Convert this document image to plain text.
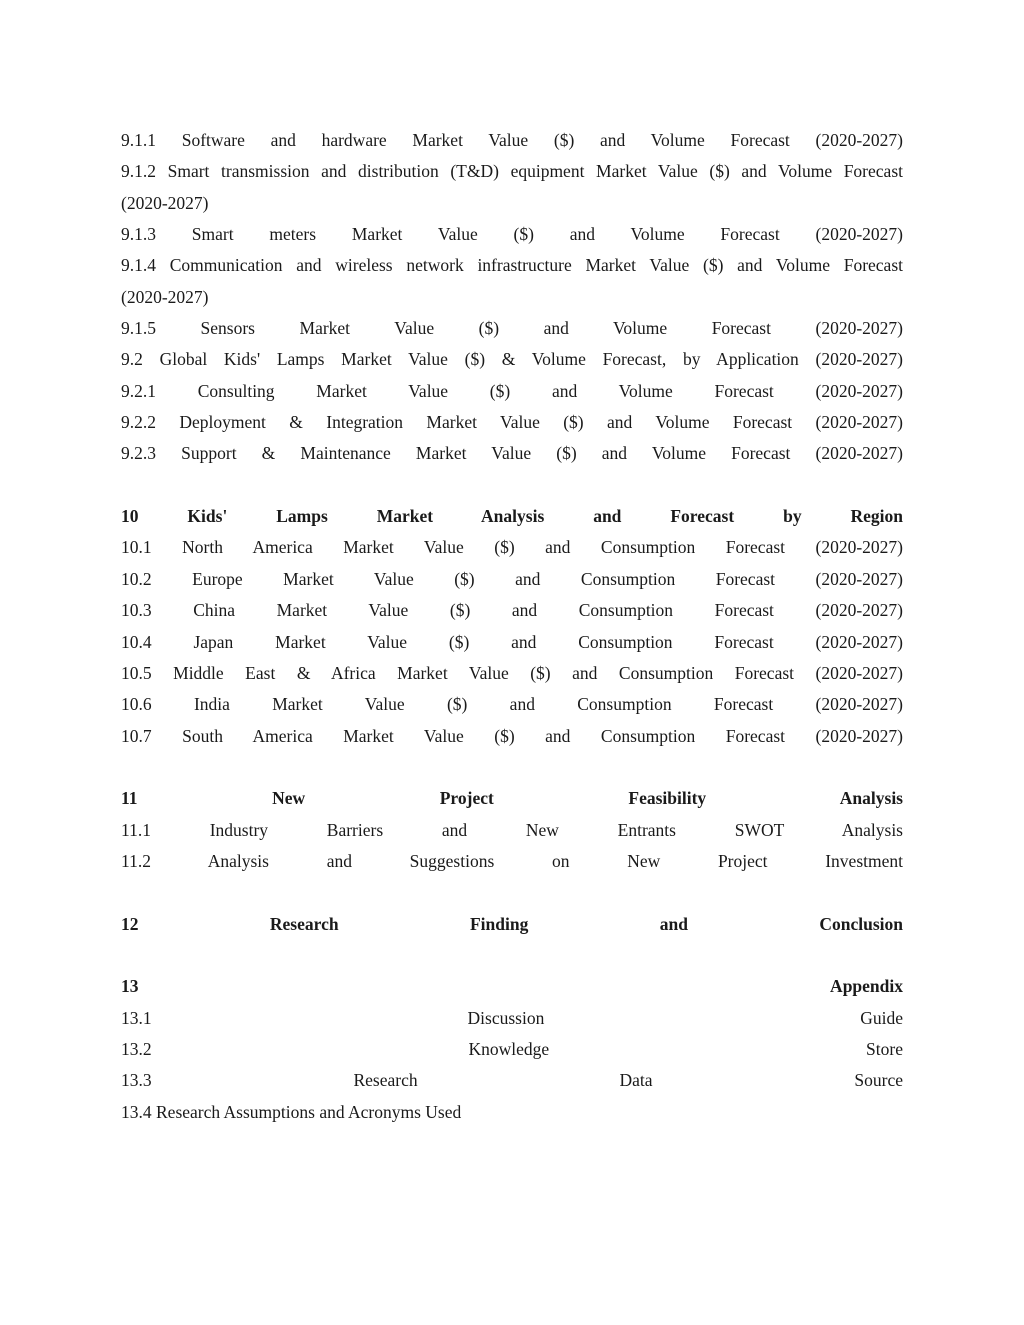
9.1.1 Software and hardware Market Value ($) and Volume Forecast (2020-2027)
9.1.2 Smart transmission and distribution (T&D) equipment Market Value ($) and Volume Forecast
(2020-2027)
9.1.3 Smart meters Market Value ($) and Volume Forecast (2020-2027)
9.1.4 Communication and wireless network infrastructure Market Value ($) and Volume Forecast
(2020-2027)
9.1.5 Sensors Market Value ($) and Volume Forecast (2020-2027)
9.2 Global Kids' Lamps Market Value ($) & Volume Forecast, by Application (2020-2027)
9.2.1 Consulting Market Value ($) and Volume Forecast (2020-2027)
9.2.2 Deployment & Integration Market Value ($) and Volume Forecast (2020-2027)
9.2.3 Support & Maintenance Market Value ($) and Volume Forecast (2020-2027)
10 Kids' Lamps Market Analysis and Forecast by Region
10.1 North America Market Value ($) and Consumption Forecast (2020-2027)
10.2 Europe Market Value ($) and Consumption Forecast (2020-2027)
10.3 China Market Value ($) and Consumption Forecast (2020-2027)
10.4 Japan Market Value ($) and Consumption Forecast (2020-2027)
10.5 Middle East & Africa Market Value ($) and Consumption Forecast (2020-2027)
10.6 India Market Value ($) and Consumption Forecast (2020-2027)
10.7 South America Market Value ($) and Consumption Forecast (2020-2027)
11 New Project Feasibility Analysis
11.1 Industry Barriers and New Entrants SWOT Analysis
11.2 Analysis and Suggestions on New Project Investment
12 Research Finding and Conclusion
13 Appendix
13.1 Discussion Guide
13.2 Knowledge Store
13.3 Research Data Source
13.4 Research Assumptions and Acronyms Used
